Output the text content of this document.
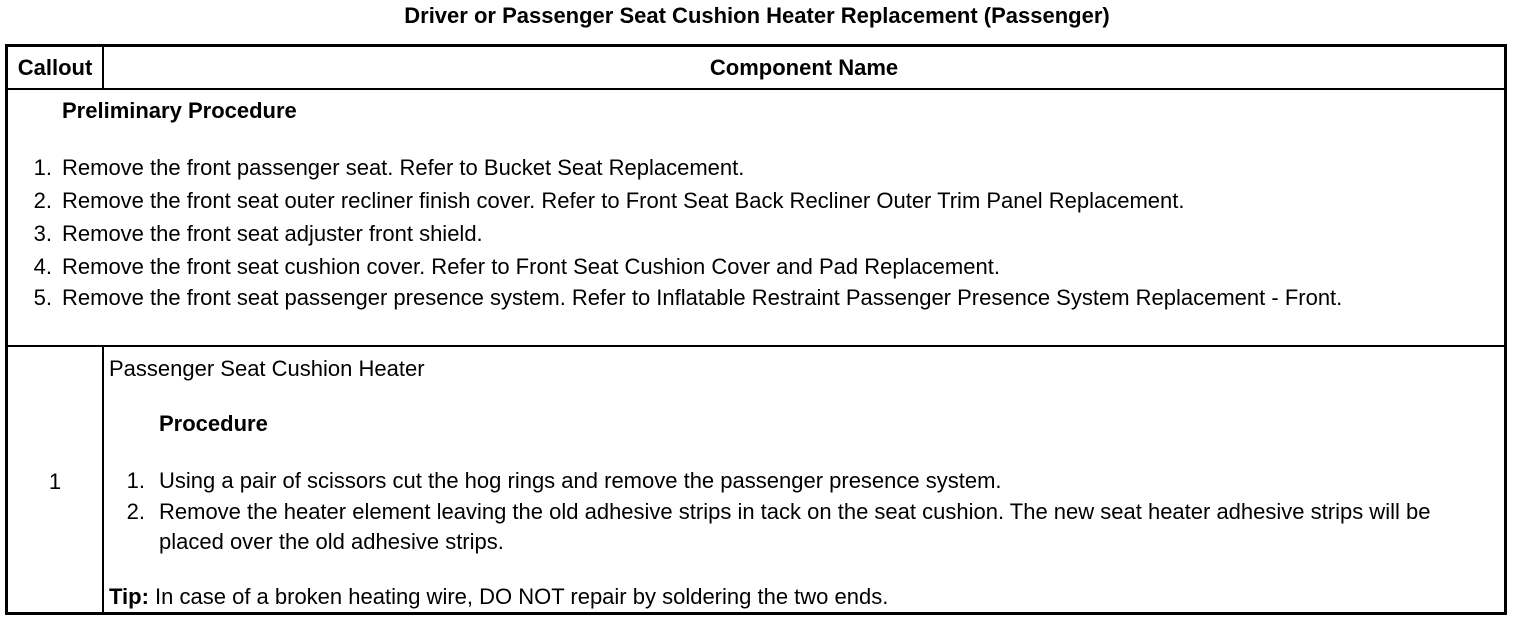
Driver or Passenger Seat Cushion Heater Replacement (Passenger)
Callout	Component Name
Preliminary Procedure
1. Remove the front passenger seat. Refer to Bucket Seat Replacement.
2. Remove the front seat outer recliner finish cover. Refer to Front Seat Back Recliner Outer Trim Panel Replacement.
3. Remove the front seat adjuster front shield.
4. Remove the front seat cushion cover. Refer to Front Seat Cushion Cover and Pad Replacement.
5. Remove the front seat passenger presence system. Refer to Inflatable Restraint Passenger Presence System Replacement - Front.
1
Passenger Seat Cushion Heater
Procedure
1. Using a pair of scissors cut the hog rings and remove the passenger presence system.
2. Remove the heater element leaving the old adhesive strips in tack on the seat cushion. The new seat heater adhesive strips will be placed over the old adhesive strips.
Tip: In case of a broken heating wire, DO NOT repair by soldering the two ends.
